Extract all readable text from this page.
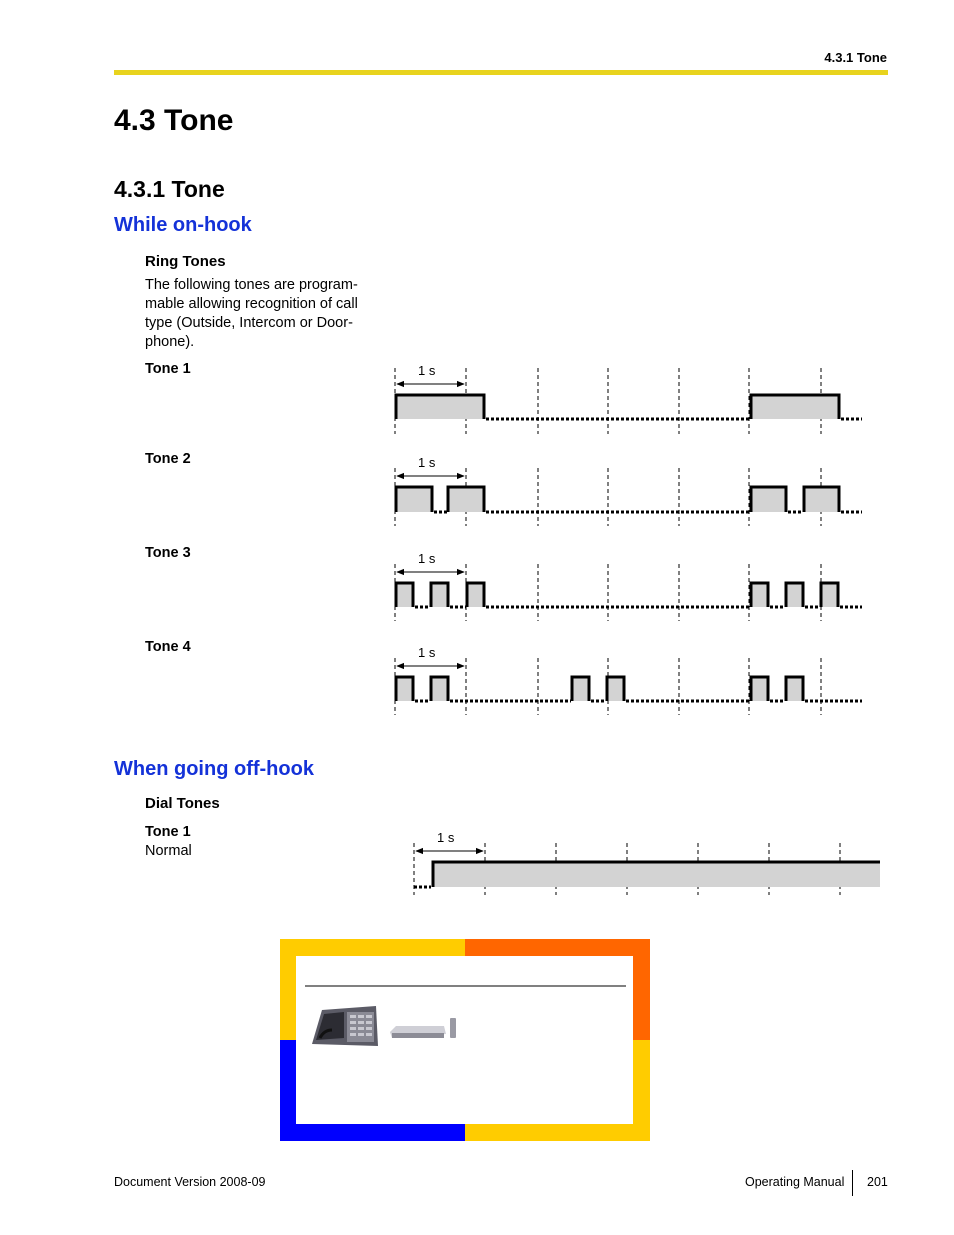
4.3.1 Tone
4.3 Tone
4.3.1 Tone
While on-hook
Ring Tones
The following tones are program-mable allowing recognition of call type (Outside, Intercom or Door-phone).
Tone 1
Tone 2
Tone 3
Tone 4
1 s
1 s
1 s
1 s
1 s
When going off-hook
Dial Tones
Tone 1
Normal
Document Version 2008-09	Operating Manual 201
